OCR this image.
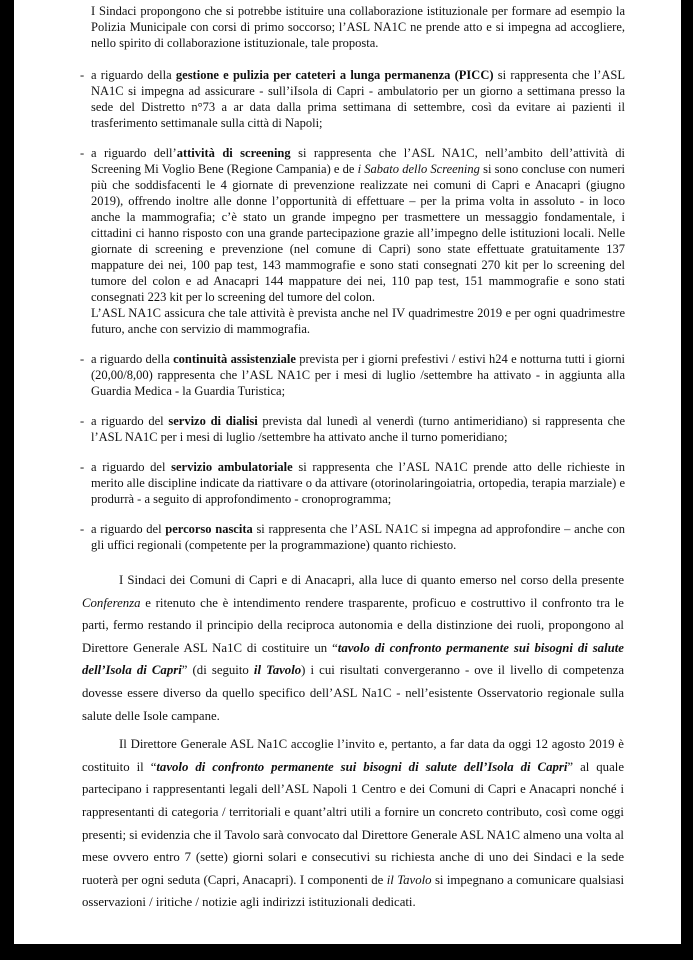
I Sindaci propongono che si potrebbe istituire una collaborazione istituzionale per formare ad esempio la Polizia Municipale con corsi di primo soccorso; l’ASL NA1C ne prende atto e si impegna ad accogliere, nello spirito di collaborazione istituzionale, tale proposta.

- a riguardo della gestione e pulizia per cateteri a lunga permanenza (PICC) si rappresenta che l’ASL NA1C si impegna ad assicurare - sull’iIsola di Capri - ambulatorio per un giorno a settimana presso la sede del Distretto n°73 a ar data dalla prima settimana di settembre, così da evitare ai pazienti il trasferimento settimanale sulla città di Napoli;

- a riguardo dell’attività di screening si rappresenta che l’ASL NA1C, nell’ambito dell’attività di Screening Mi Voglio Bene (Regione Campania) e de i Sabato dello Screening si sono concluse con numeri più che soddisfacenti le 4 giornate di prevenzione realizzate nei comuni di Capri e Anacapri (giugno 2019), offrendo inoltre alle donne l’opportunità di effettuare – per la prima volta in assoluto - in loco anche la mammografia; c’è stato un grande impegno per trasmettere un messaggio fondamentale, i cittadini ci hanno risposto con una grande partecipazione grazie all’impegno delle istituzioni locali. Nelle giornate di screening e prevenzione (nel comune di Capri) sono state effettuate gratuitamente 137 mappature dei nei, 100 pap test, 143 mammografie e sono stati consegnati 270 kit per lo screening del tumore del colon e ad Anacapri 144 mappature dei nei, 110 pap test, 151 mammografie e sono stati consegnati 223 kit per lo screening del tumore del colon.

L’ASL NA1C assicura che tale attività è prevista anche nel IV quadrimestre 2019 e per ogni quadrimestre futuro, anche con servizio di mammografia.

- a riguardo della continuità assistenziale prevista per i giorni prefestivi / estivi h24 e notturna tutti i giorni (20,00/8,00) rappresenta che l’ASL NA1C per i mesi di luglio /settembre ha attivato - in aggiunta alla Guardia Medica - la Guardia Turistica;

- a riguardo del servizo di dialisi prevista dal lunedì al venerdì (turno antimeridiano) si rappresenta che l’ASL NA1C per i mesi di luglio /settembre ha attivato anche il turno pomeridiano;

- a riguardo del servizio ambulatoriale si rappresenta che l’ASL NA1C prende atto delle richieste in merito alle discipline indicate da riattivare o da attivare (otorinolaringoiatria, ortopedia, terapia marziale) e produrrà - a seguito di approfondimento - cronoprogramma;

- a riguardo del percorso nascita si rappresenta che l’ASL NA1C si impegna ad approfondire – anche con gli uffici regionali (competente per la programmazione) quanto richiesto.

I Sindaci dei Comuni di Capri e di Anacapri, alla luce di quanto emerso nel corso della presente Conferenza e ritenuto che è intendimento rendere trasparente, proficuo e costruttivo il confronto tra le parti, fermo restando il principio della reciproca autonomia e della distinzione dei ruoli, propongono al Direttore Generale ASL Na1C di costituire un “tavolo di confronto permanente sui bisogni di salute dell’Isola di Capri” (di seguito il Tavolo) i cui risultati convergeranno - ove il livello di competenza dovesse essere diverso da quello specifico dell’ASL Na1C - nell’esistente Osservatorio regionale sulla salute delle Isole campane.

Il Direttore Generale ASL Na1C accoglie l’invito e, pertanto, a far data da oggi 12 agosto 2019 è costituito il “tavolo di confronto permanente sui bisogni di salute dell’Isola di Capri” al quale partecipano i rappresentanti legali dell’ASL Napoli 1 Centro e dei Comuni di Capri e Anacapri nonché i rappresentanti di categoria / territoriali e quant’altri utili a fornire un concreto contributo, così come oggi presenti; si evidenzia che il Tavolo sarà convocato dal Direttore Generale ASL NA1C almeno una volta al mese ovvero entro 7 (sette) giorni solari e consecutivi su richiesta anche di uno dei Sindaci e la sede ruoterà per ogni seduta (Capri, Anacapri). I componenti de il Tavolo si impegnano a comunicare qualsiasi osservazioni / iritiche / notizie agli indirizzi istituzionali dedicati.
